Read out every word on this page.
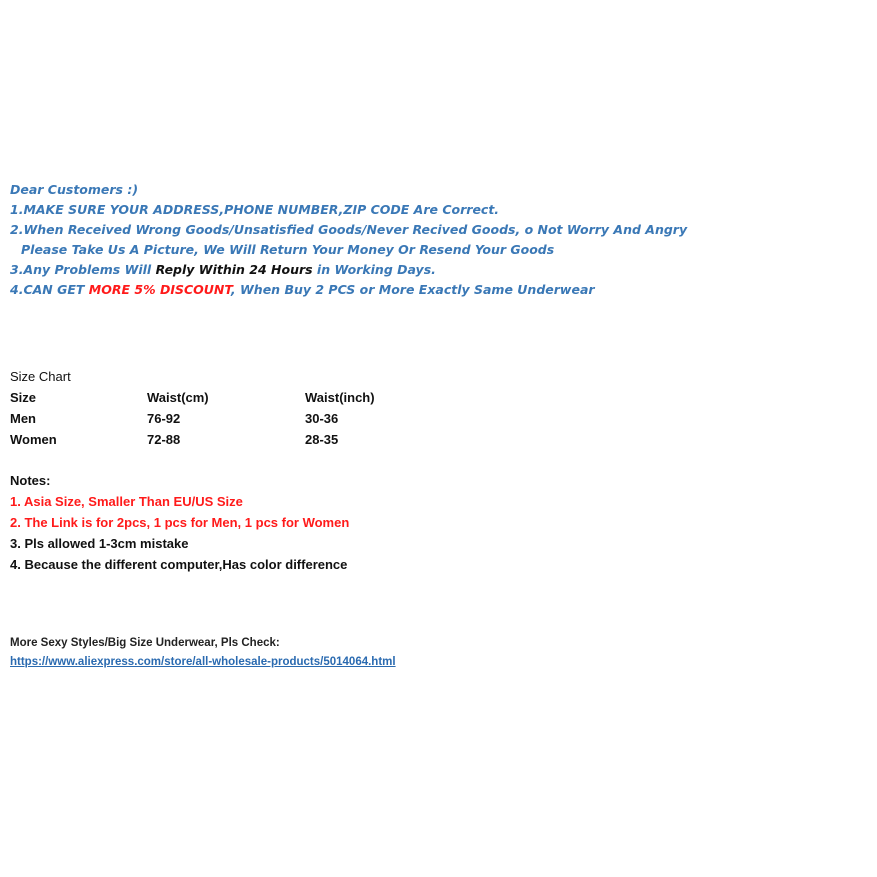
Dear Customers :)
1.MAKE SURE YOUR ADDRESS,PHONE NUMBER,ZIP CODE Are Correct.
2.When Received Wrong Goods/Unsatisfied Goods/Never Recived Goods, o Not Worry And Angry
Please Take Us A Picture, We Will Return Your Money Or Resend Your Goods
3.Any Problems Will Reply Within 24 Hours in Working Days.
4.CAN GET MORE 5% DISCOUNT, When Buy 2 PCS or More Exactly Same Underwear
Size Chart
Size	Waist(cm)	Waist(inch)
Men	76-92	30-36
Women	72-88	28-35
Notes:
1. Asia Size, Smaller Than EU/US Size
2. The Link is for 2pcs, 1 pcs for Men, 1 pcs for Women
3. Pls allowed 1-3cm mistake
4. Because the different computer,Has color difference
More Sexy Styles/Big Size Underwear, Pls Check:
https://www.aliexpress.com/store/all-wholesale-products/5014064.html
